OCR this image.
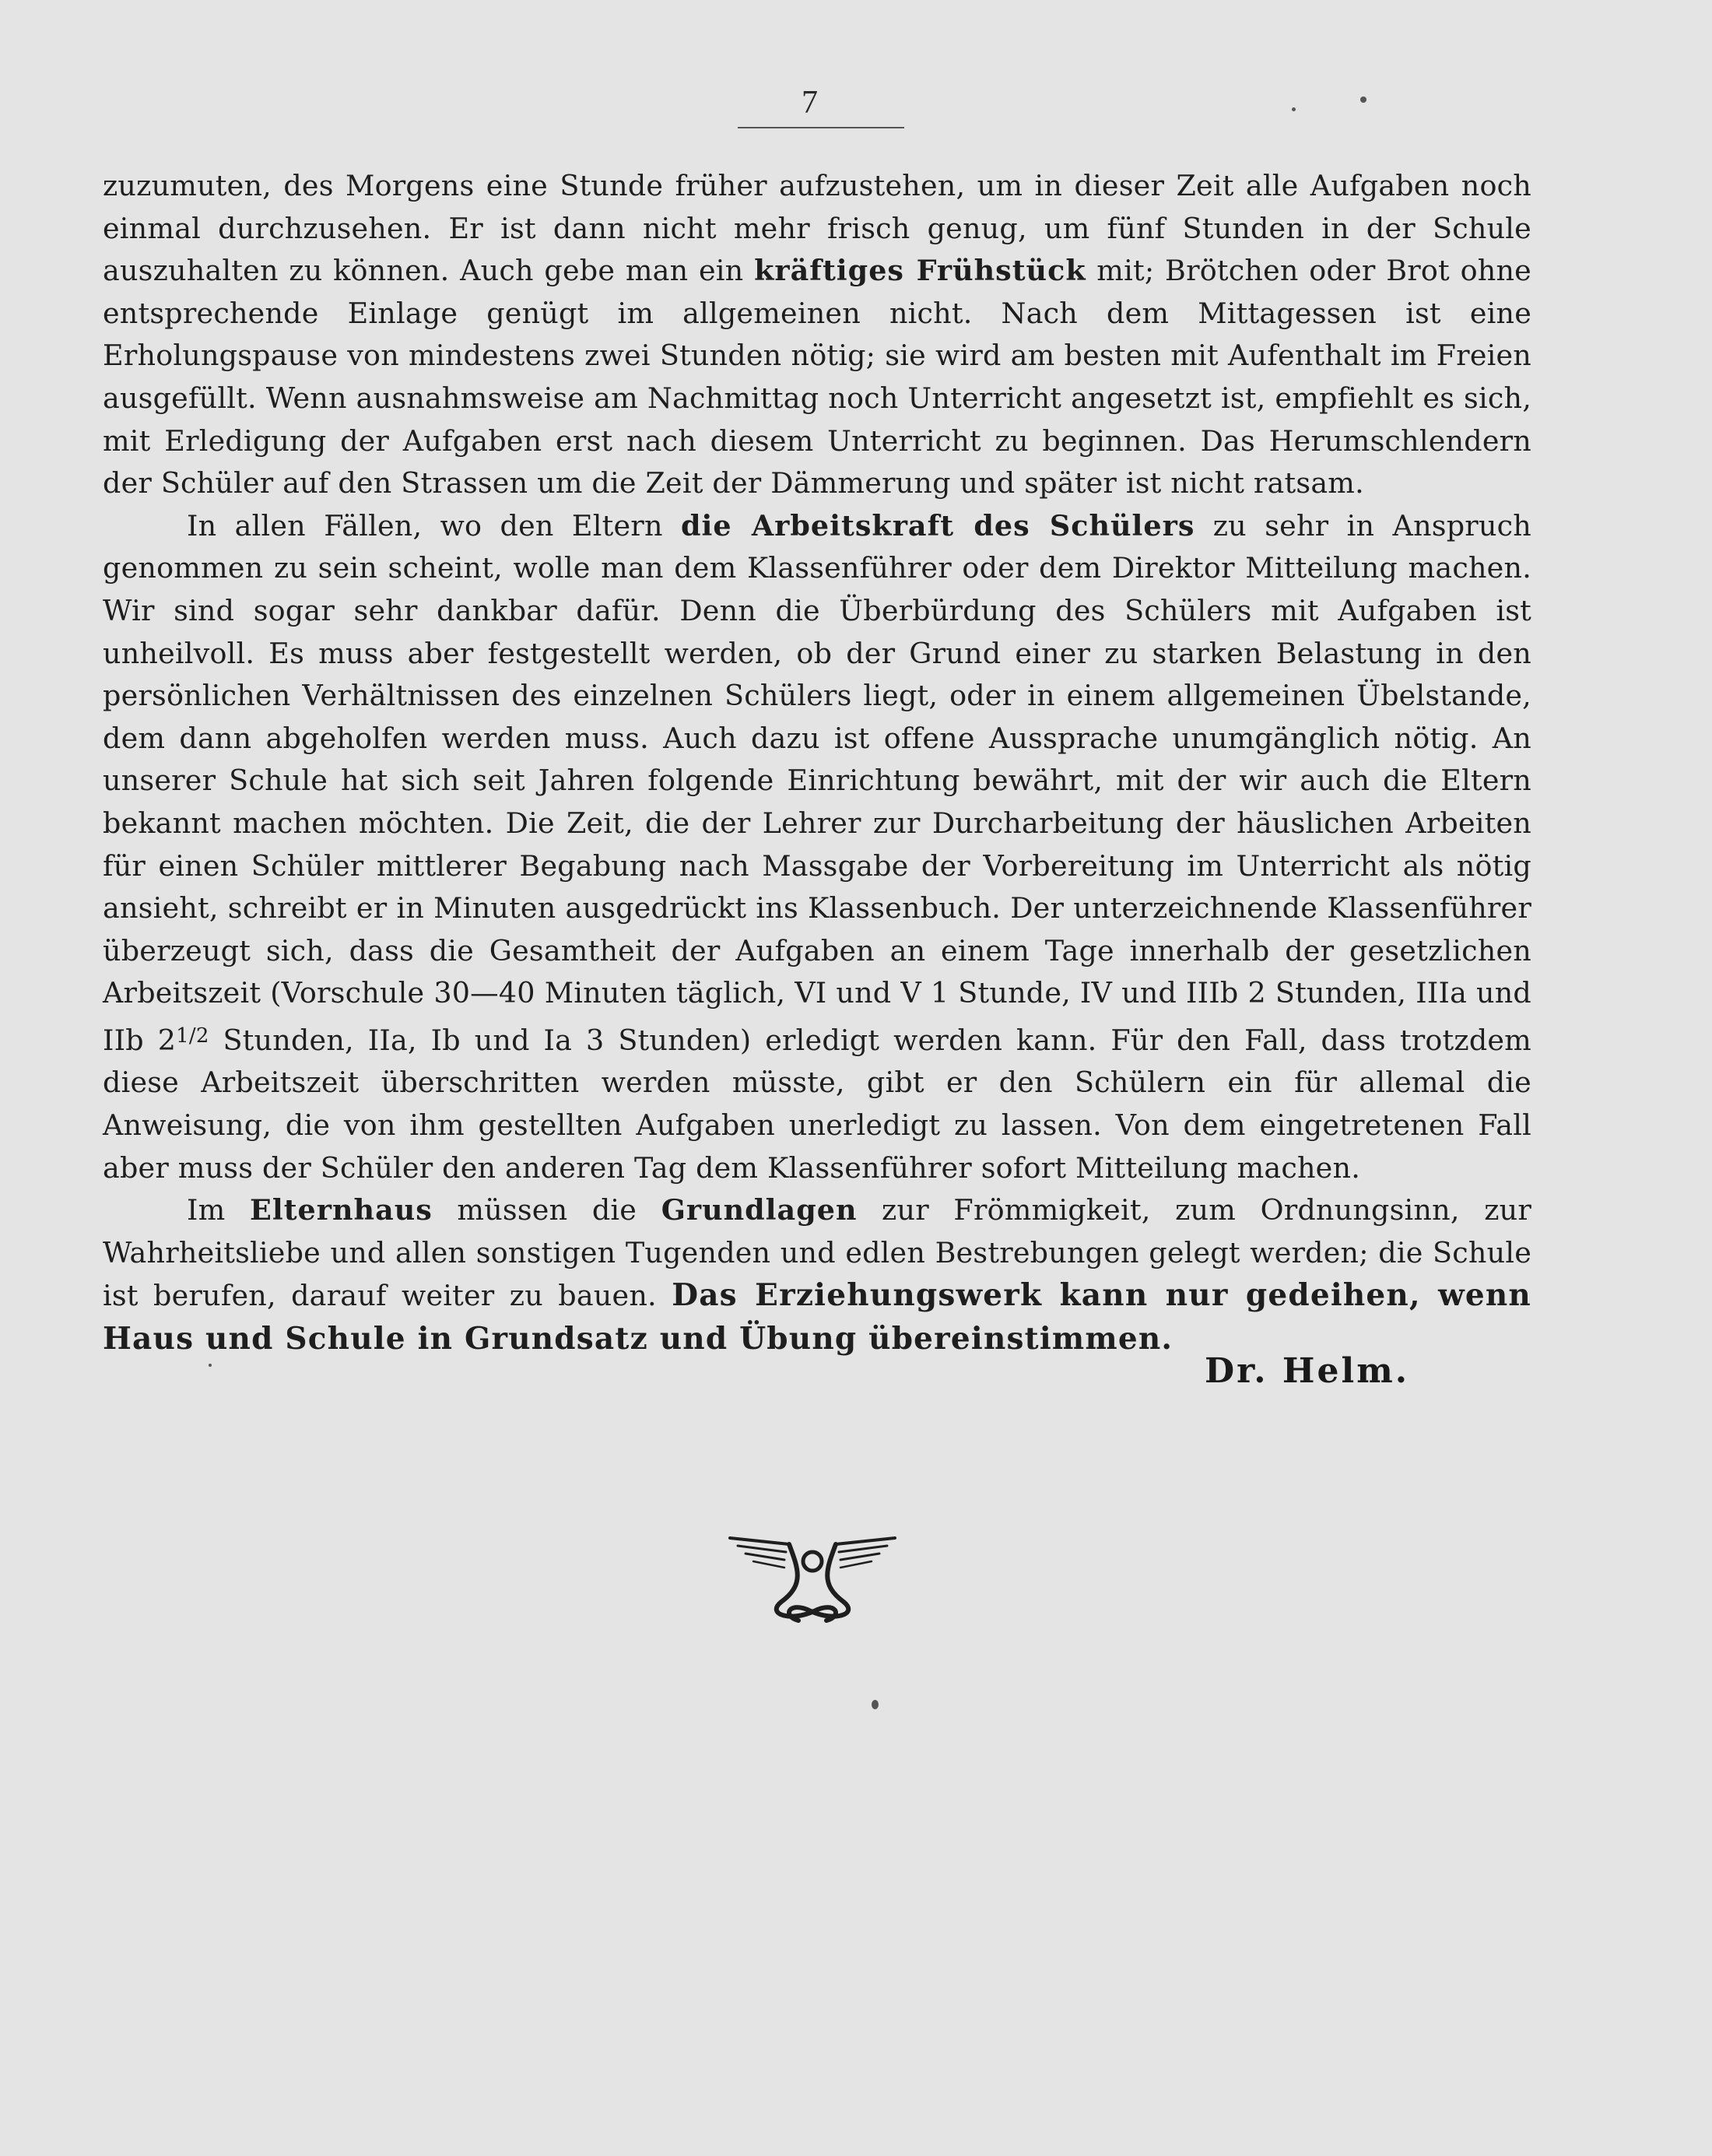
7

zuzumuten, des Morgens eine Stunde früher aufzustehen, um in dieser Zeit alle Aufgaben noch einmal durchzusehen. Er ist dann nicht mehr frisch genug, um fünf Stunden in der Schule auszuhalten zu können. Auch gebe man ein kräftiges Frühstück mit; Brötchen oder Brot ohne entsprechende Einlage genügt im allgemeinen nicht. Nach dem Mittagessen ist eine Erholungspause von mindestens zwei Stunden nötig; sie wird am besten mit Aufenthalt im Freien ausgefüllt. Wenn ausnahmsweise am Nachmittag noch Unterricht angesetzt ist, empfiehlt es sich, mit Erledigung der Aufgaben erst nach diesem Unterricht zu beginnen. Das Herumschlendern der Schüler auf den Strassen um die Zeit der Dämmerung und später ist nicht ratsam.

In allen Fällen, wo den Eltern die Arbeitskraft des Schülers zu sehr in Anspruch genommen zu sein scheint, wolle man dem Klassenführer oder dem Direktor Mitteilung machen. Wir sind sogar sehr dankbar dafür. Denn die Überbürdung des Schülers mit Aufgaben ist unheilvoll. Es muss aber festgestellt werden, ob der Grund einer zu starken Belastung in den persönlichen Verhältnissen des einzelnen Schülers liegt, oder in einem allgemeinen Übelstande, dem dann abgeholfen werden muss. Auch dazu ist offene Aussprache unumgänglich nötig. An unserer Schule hat sich seit Jahren folgende Einrichtung bewährt, mit der wir auch die Eltern bekannt machen möchten. Die Zeit, die der Lehrer zur Durcharbeitung der häuslichen Arbeiten für einen Schüler mittlerer Begabung nach Massgabe der Vorbereitung im Unterricht als nötig ansieht, schreibt er in Minuten ausgedrückt ins Klassenbuch. Der unterzeichnende Klassenführer überzeugt sich, dass die Gesamtheit der Aufgaben an einem Tage innerhalb der gesetzlichen Arbeitszeit (Vorschule 30—40 Minuten täglich, VI und V 1 Stunde, IV und IIIb 2 Stunden, IIIa und IIb $2^{1/2}$ Stunden, IIa, Ib und Ia 3 Stunden) erledigt werden kann. Für den Fall, dass trotzdem diese Arbeitszeit überschritten werden müsste, gibt er den Schülern ein für allemal die Anweisung, die von ihm gestellten Aufgaben unerledigt zu lassen. Von dem eingetretenen Fall aber muss der Schüler den anderen Tag dem Klassenführer sofort Mitteilung machen.

Im Elternhaus müssen die Grundlagen zur Frömmigkeit, zum Ordnungsinn, zur Wahrheitsliebe und allen sonstigen Tugenden und edlen Bestrebungen gelegt werden; die Schule ist berufen, darauf weiter zu bauen. Das Erziehungswerk kann nur gedeihen, wenn Haus und Schule in Grundsatz und Übung übereinstimmen.

Dr. Helm.
